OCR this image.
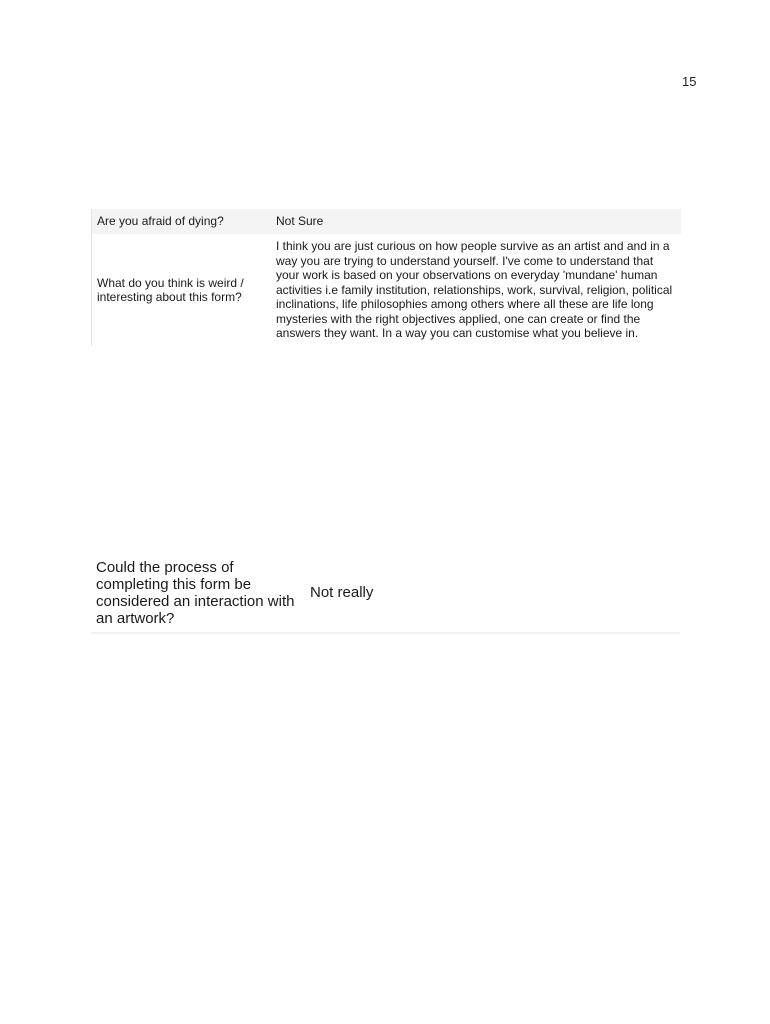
15
Are you afraid of dying?	Not Sure
What do you think is weird / interesting about this form?
I think you are just curious on how people survive as an artist and and in a way you are trying to understand yourself. I've come to understand that your work is based on your observations on everyday 'mundane' human activities i.e family institution, relationships, work, survival, religion, political inclinations, life philosophies among others where all these are life long mysteries with the right objectives applied, one can create or find the answers they want. In a way you can customise what you believe in.
Could the process of completing this form be considered an interaction with an artwork?
Not really
